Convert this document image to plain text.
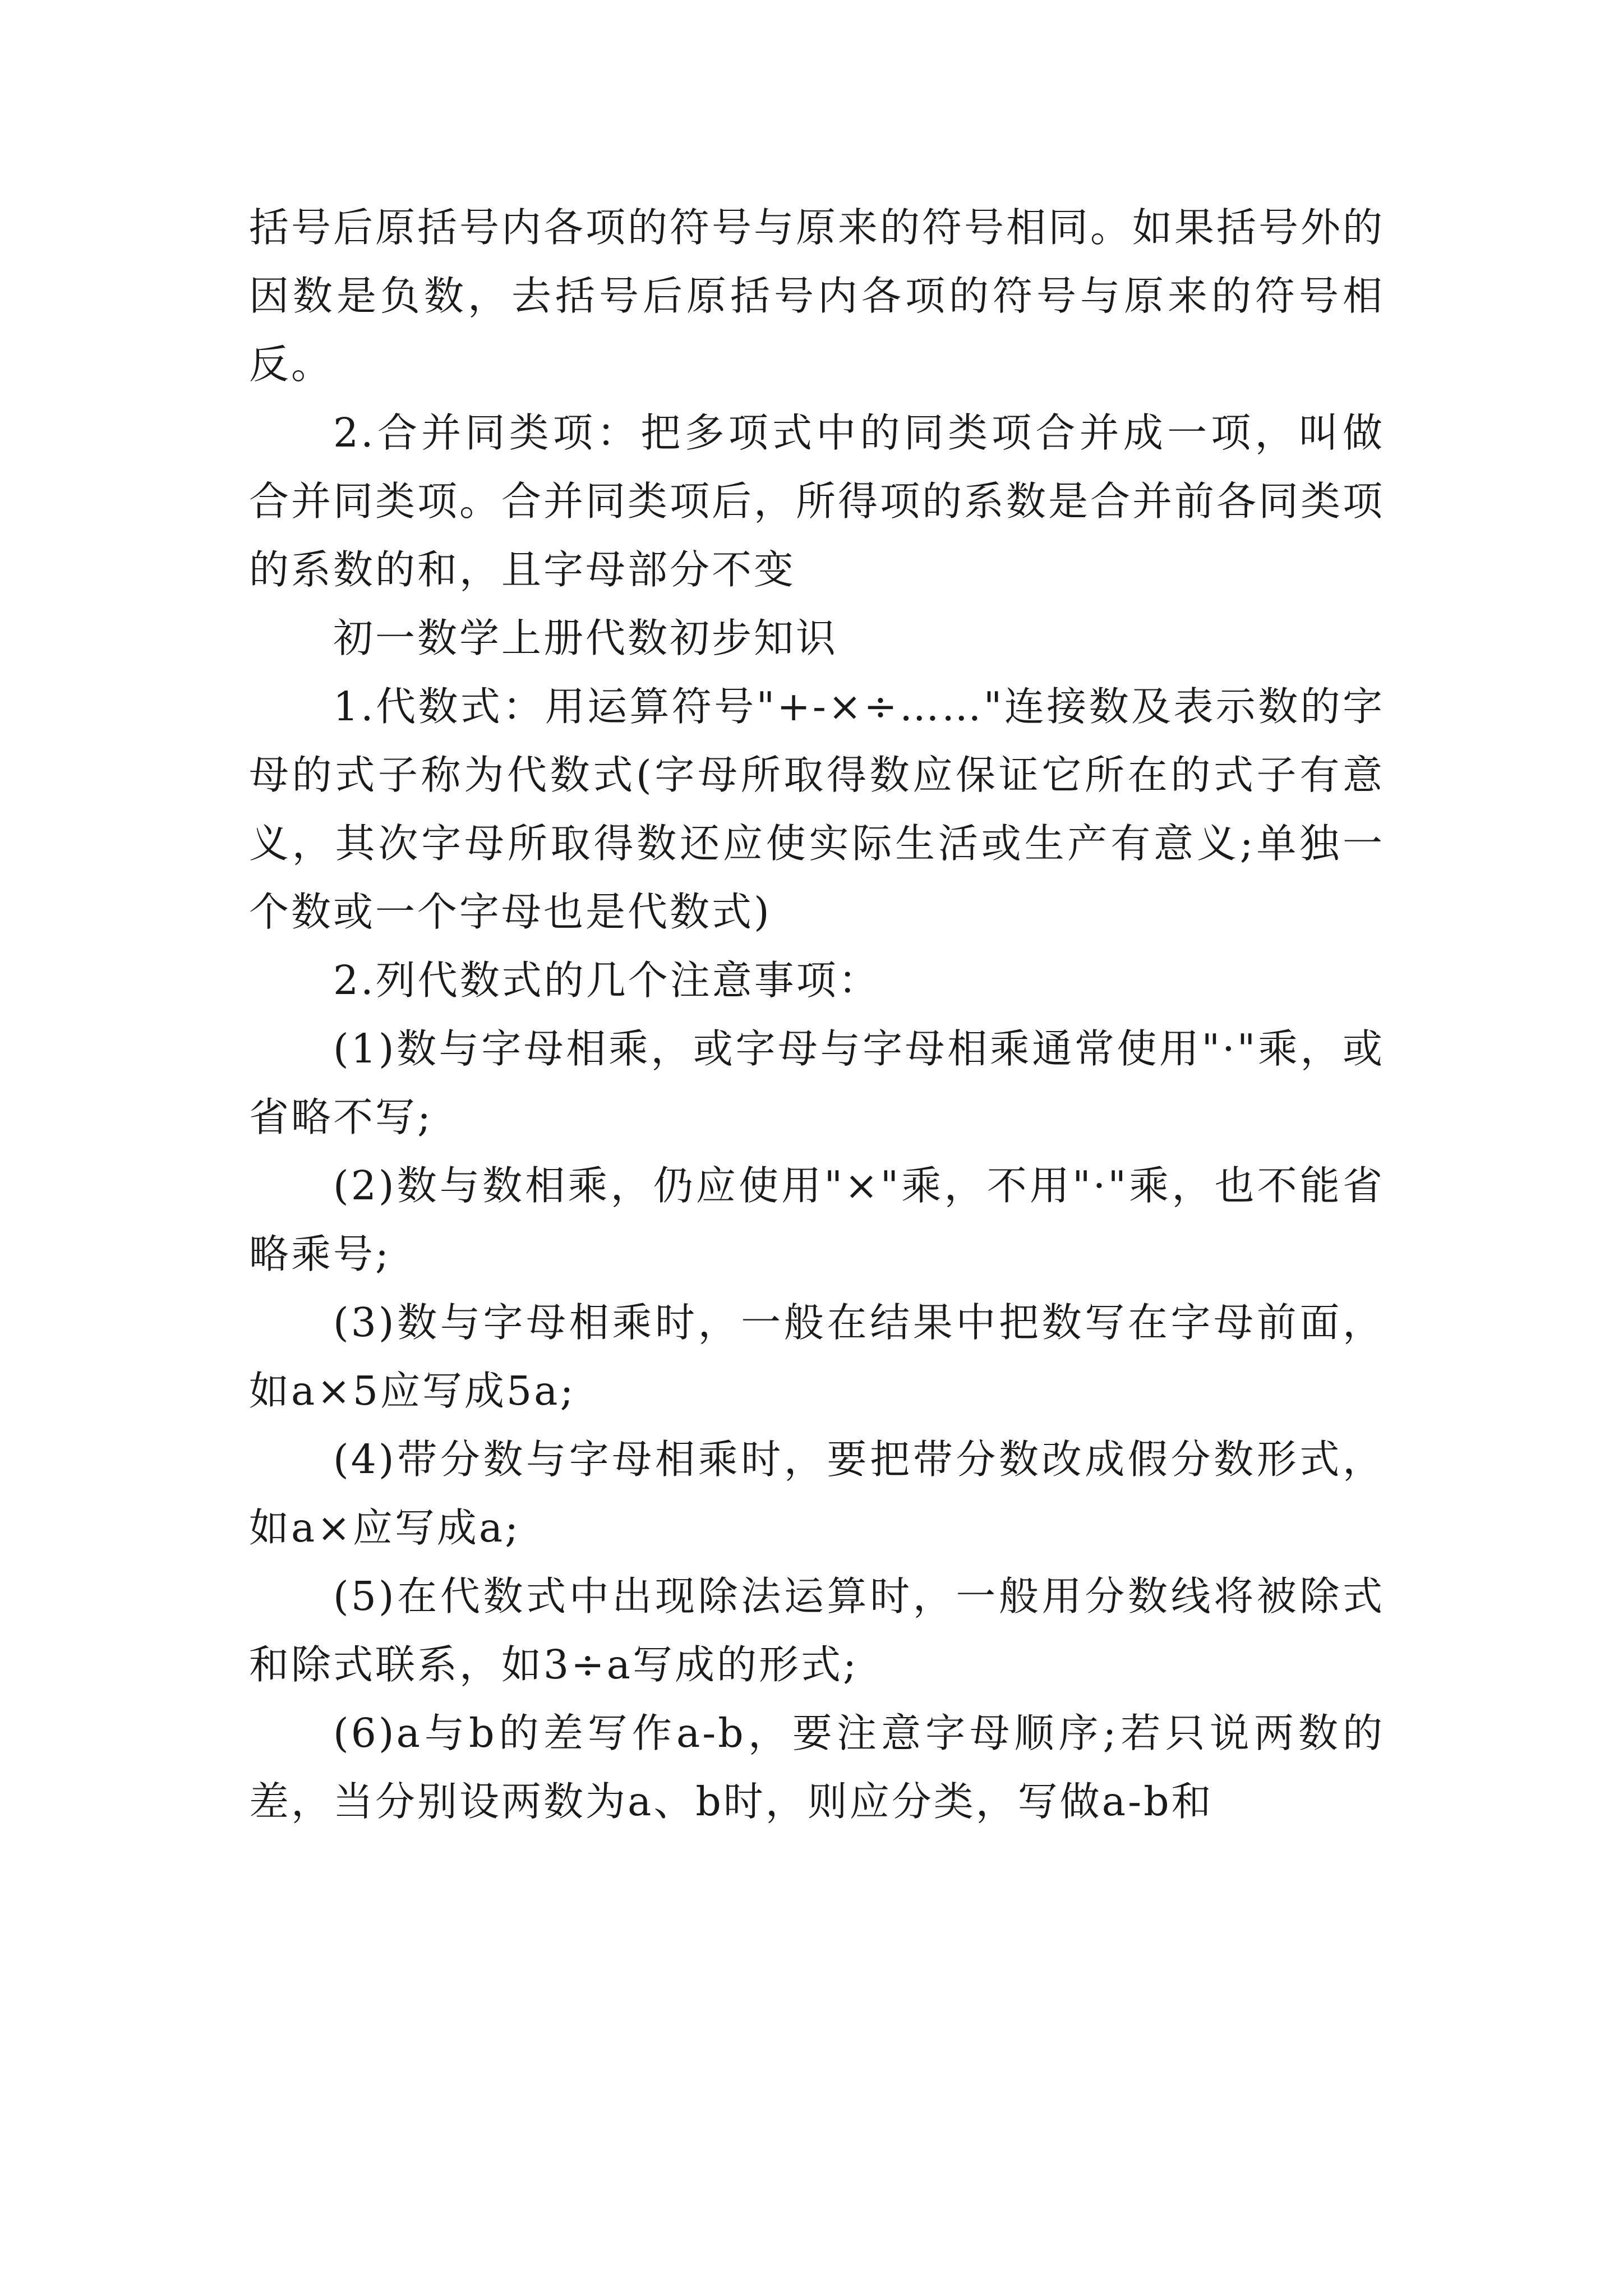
括号后原括号内各项的符号与原来的符号相同。如果括号外的因数是负数，去括号后原括号内各项的符号与原来的符号相反。

2.合并同类项：把多项式中的同类项合并成一项，叫做合并同类项。合并同类项后，所得项的系数是合并前各同类项的系数的和，且字母部分不变

初一数学上册代数初步知识

1.代数式：用运算符号"+-×÷……"连接数及表示数的字母的式子称为代数式(字母所取得数应保证它所在的式子有意义，其次字母所取得数还应使实际生活或生产有意义;单独一个数或一个字母也是代数式)

2.列代数式的几个注意事项：

(1)数与字母相乘，或字母与字母相乘通常使用"·"乘，或省略不写;

(2)数与数相乘，仍应使用"×"乘，不用"·"乘，也不能省略乘号;

(3)数与字母相乘时，一般在结果中把数写在字母前面，如a×5应写成5a;

(4)带分数与字母相乘时，要把带分数改成假分数形式，如a×应写成a;

(5)在代数式中出现除法运算时，一般用分数线将被除式和除式联系，如3÷a写成的形式;

(6)a与b的差写作a-b，要注意字母顺序;若只说两数的差，当分别设两数为a、b时，则应分类，写做a-b和
